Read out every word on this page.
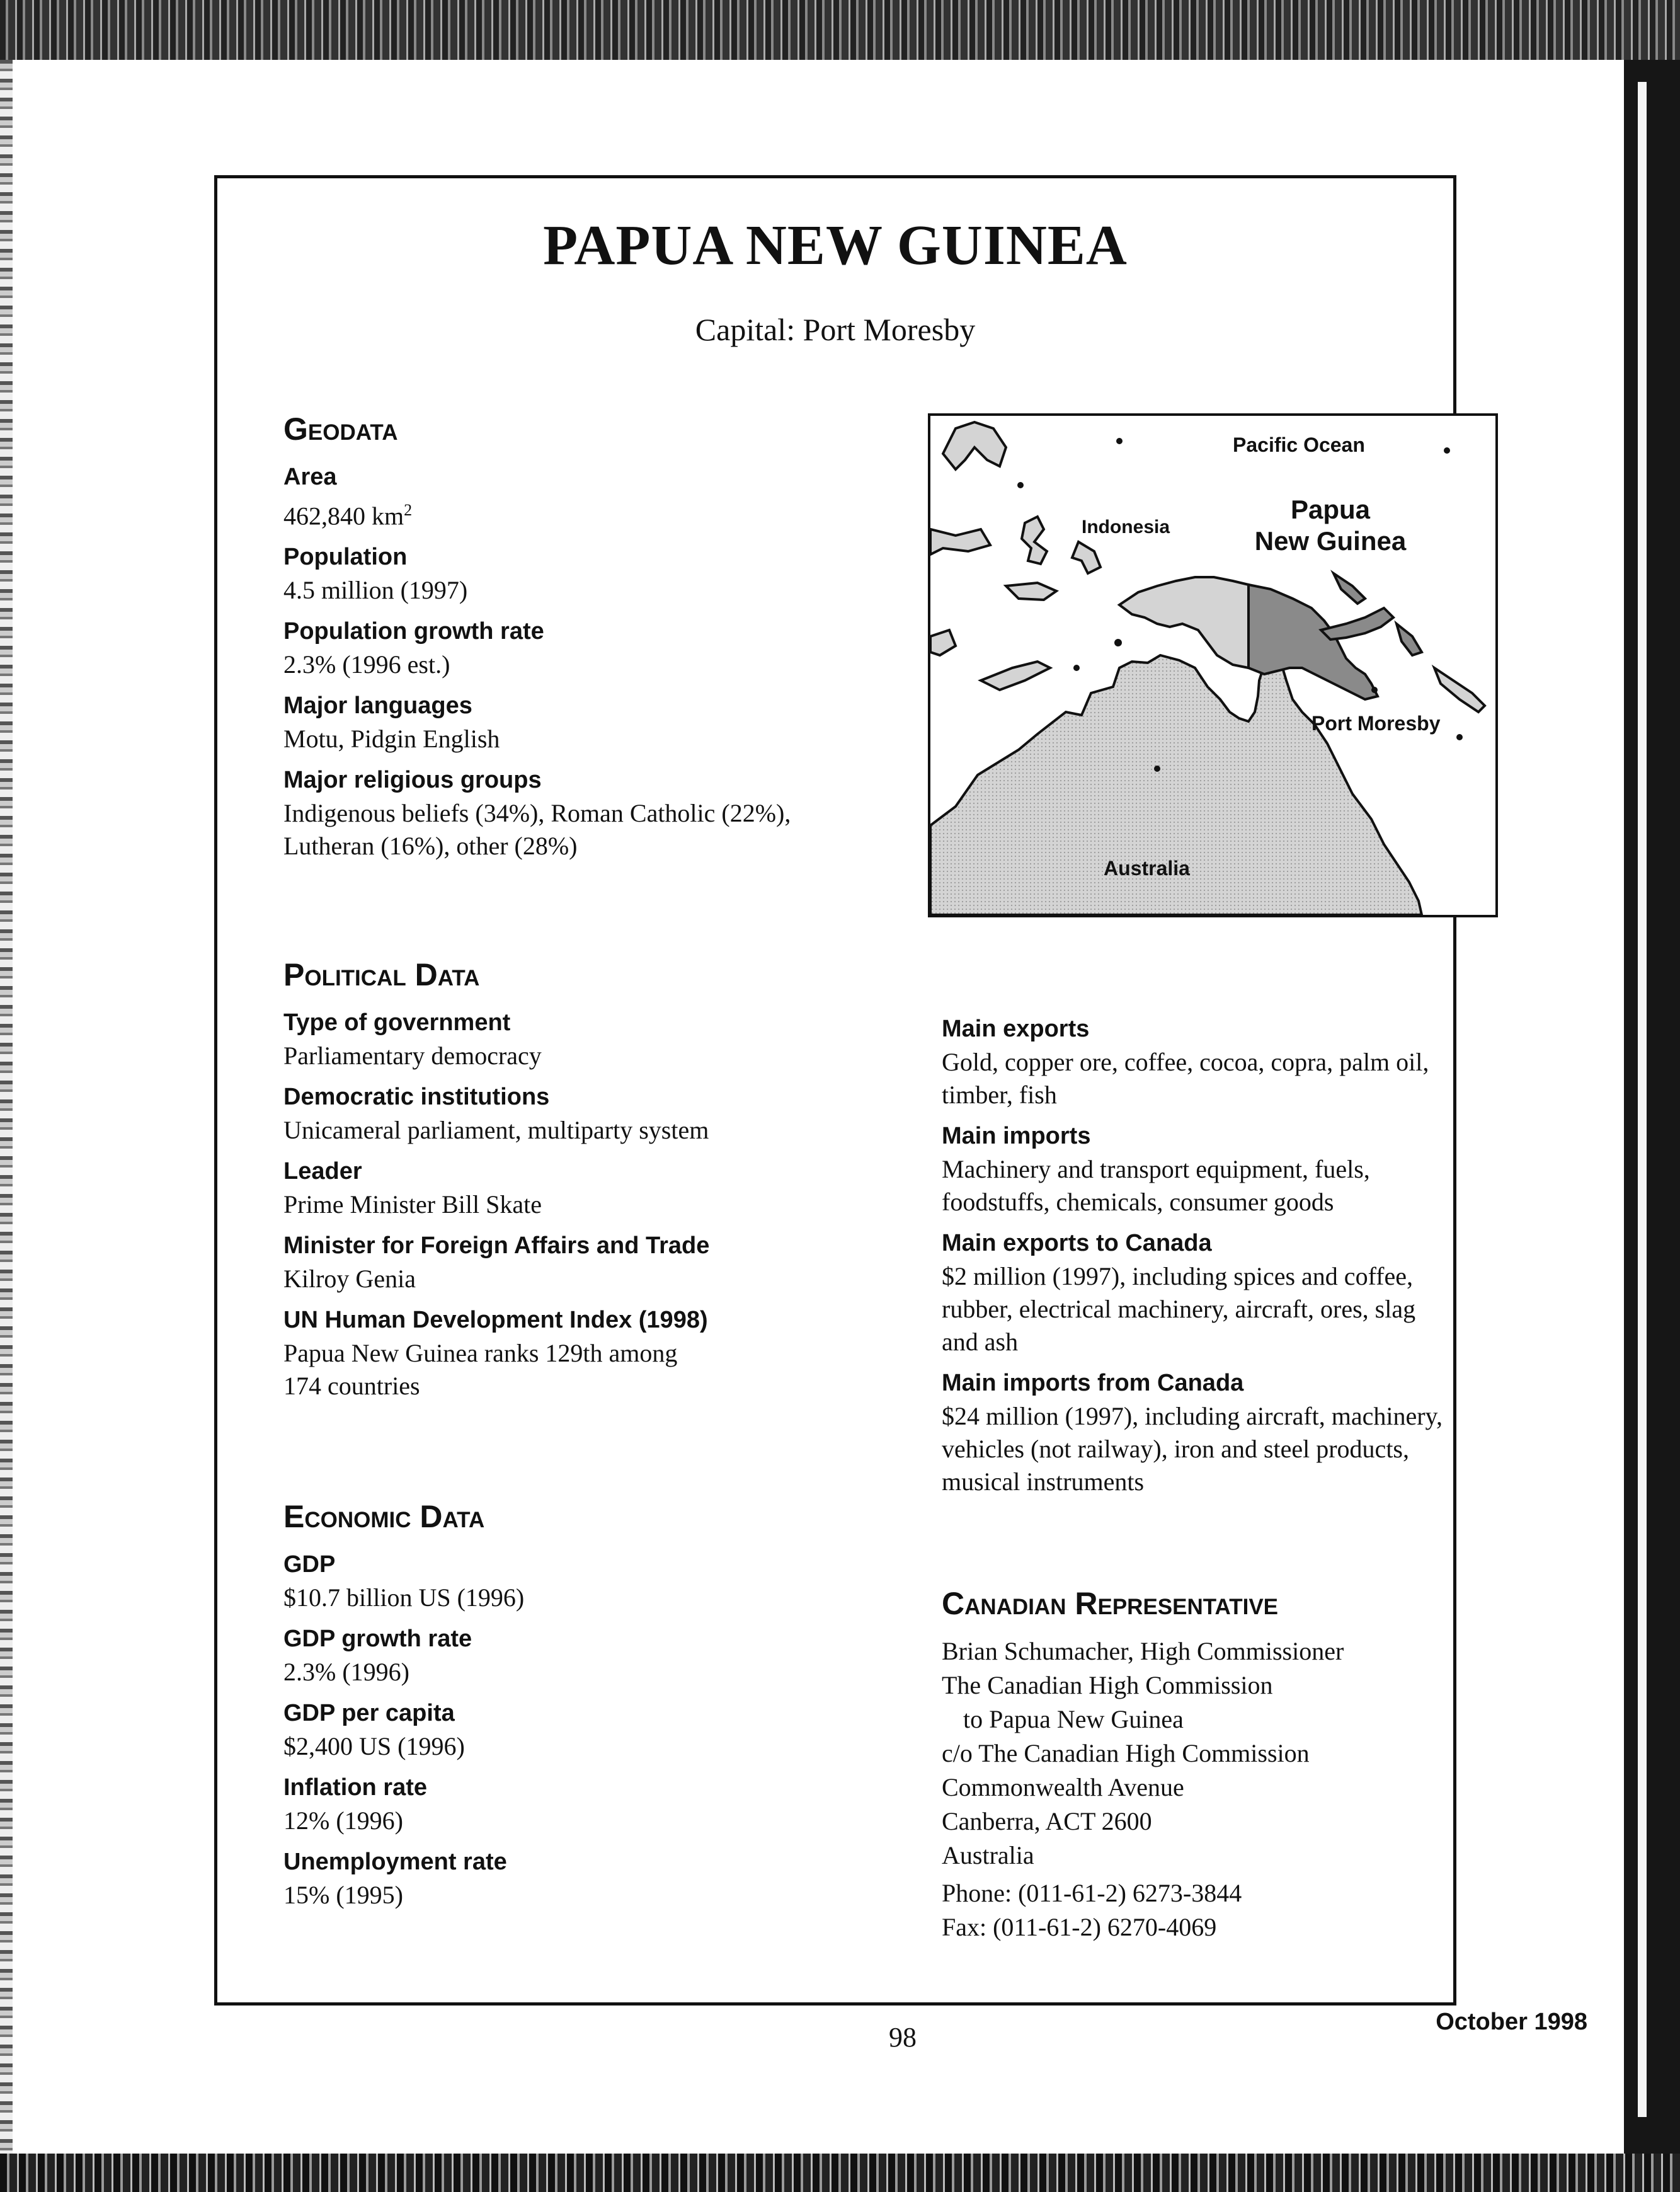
PAPUA NEW GUINEA

Capital: Port Moresby

Geodata
Area
462,840 $km^2$
Population
4.5 million (1997)
Population growth rate
2.3% (1996 est.)
Major languages
Motu, Pidgin English
Major religious groups
Indigenous beliefs (34%), Roman Catholic (22%),
Lutheran (16%), other (28%)
Pacific Ocean
Indonesia
Papua
New Guinea
Port Moresby
Australia
Political Data
Type of government
Parliamentary democracy
Democratic institutions
Unicameral parliament, multiparty system
Leader
Prime Minister Bill Skate
Minister for Foreign Affairs and Trade
Kilroy Genia
UN Human Development Index (1998)
Papua New Guinea ranks 129th among
174 countries
Economic Data
GDP
$10.7 billion US (1996)
GDP growth rate
2.3% (1996)
GDP per capita
$2,400 US (1996)
Inflation rate
12% (1996)
Unemployment rate
15% (1995)
Main exports
Gold, copper ore, coffee, cocoa, copra, palm oil,
timber, fish
Main imports
Machinery and transport equipment, fuels,
foodstuffs, chemicals, consumer goods
Main exports to Canada
$2 million (1997), including spices and coffee,
rubber, electrical machinery, aircraft, ores, slag
and ash
Main imports from Canada
$24 million (1997), including aircraft, machinery,
vehicles (not railway), iron and steel products,
musical instruments
Canadian Representative
Brian Schumacher, High Commissioner
The Canadian High Commission
to Papua New Guinea
c/o The Canadian High Commission
Commonwealth Avenue
Canberra, ACT 2600
Australia
Phone: (011-61-2) 6273-3844
Fax: (011-61-2) 6270-4069

98	October 1998
